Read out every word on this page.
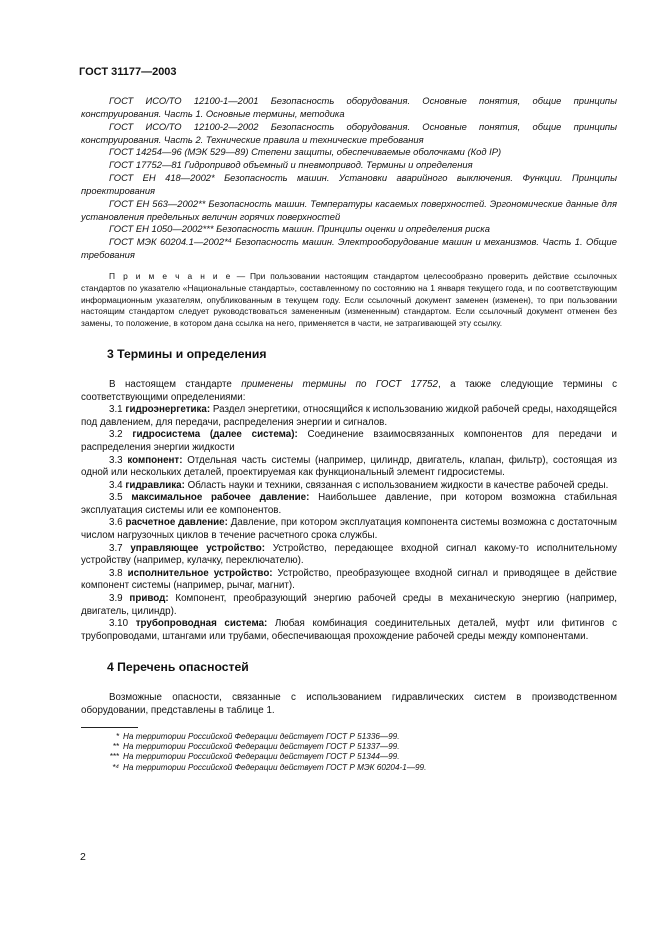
ГОСТ 31177—2003

ГОСТ ИСО/ТО 12100-1—2001 Безопасность оборудования. Основные понятия, общие принципы конструирования. Часть 1. Основные термины, методика

ГОСТ ИСО/ТО 12100-2—2002 Безопасность оборудования. Основные понятия, общие принципы конструирования. Часть 2. Технические правила и технические требования

ГОСТ 14254—96 (МЭК 529—89) Степени защиты, обеспечиваемые оболочками (Код IP)

ГОСТ 17752—81 Гидропривод объемный и пневмопривод. Термины и определения

ГОСТ ЕН 418—2002* Безопасность машин. Установки аварийного выключения. Функции. Принципы проектирования

ГОСТ ЕН 563—2002** Безопасность машин. Температуры касаемых поверхностей. Эргономические данные для установления предельных величин горячих поверхностей

ГОСТ ЕН 1050—2002*** Безопасность машин. Принципы оценки и определения риска

ГОСТ МЭК 60204.1—2002*⁴ Безопасность машин. Электрооборудование машин и механизмов. Часть 1. Общие требования

П р и м е ч а н и е — При пользовании настоящим стандартом целесообразно проверить действие ссылочных стандартов по указателю «Национальные стандарты», составленному по состоянию на 1 января текущего года, и по соответствующим информационным указателям, опубликованным в текущем году. Если ссылочный документ заменен (изменен), то при пользовании настоящим стандартом следует руководствоваться замененным (измененным) стандартом. Если ссылочный документ отменен без замены, то положение, в котором дана ссылка на него, применяется в части, не затрагивающей эту ссылку.

3 Термины и определения

В настоящем стандарте применены термины по ГОСТ 17752, а также следующие термины с соответствующими определениями:

3.1 гидроэнергетика: Раздел энергетики, относящийся к использованию жидкой рабочей среды, находящейся под давлением, для передачи, распределения энергии и сигналов.

3.2 гидросистема (далее система): Соединение взаимосвязанных компонентов для передачи и распределения энергии жидкости

3.3 компонент: Отдельная часть системы (например, цилиндр, двигатель, клапан, фильтр), состоящая из одной или нескольких деталей, проектируемая как функциональный элемент гидросистемы.

3.4 гидравлика: Область науки и техники, связанная с использованием жидкости в качестве рабочей среды.

3.5 максимальное рабочее давление: Наибольшее давление, при котором возможна стабильная эксплуатация системы или ее компонентов.

3.6 расчетное давление: Давление, при котором эксплуатация компонента системы возможна с достаточным числом нагрузочных циклов в течение расчетного срока службы.

3.7 управляющее устройство: Устройство, передающее входной сигнал какому-то исполнительному устройству (например, кулачку, переключателю).

3.8 исполнительное устройство: Устройство, преобразующее входной сигнал и приводящее в действие компонент системы (например, рычаг, магнит).

3.9 привод: Компонент, преобразующий энергию рабочей среды в механическую энергию (например, двигатель, цилиндр).

3.10 трубопроводная система: Любая комбинация соединительных деталей, муфт или фитингов с трубопроводами, штангами или трубами, обеспечивающая прохождение рабочей среды между компонентами.

4 Перечень опасностей

Возможные опасности, связанные с использованием гидравлических систем в производственном оборудовании, представлены в таблице 1.

* На территории Российской Федерации действует ГОСТ Р 51336—99.

** На территории Российской Федерации действует ГОСТ Р 51337—99.

*** На территории Российской Федерации действует ГОСТ Р 51344—99.

*⁴ На территории Российской Федерации действует ГОСТ Р МЭК 60204-1—99.

2
